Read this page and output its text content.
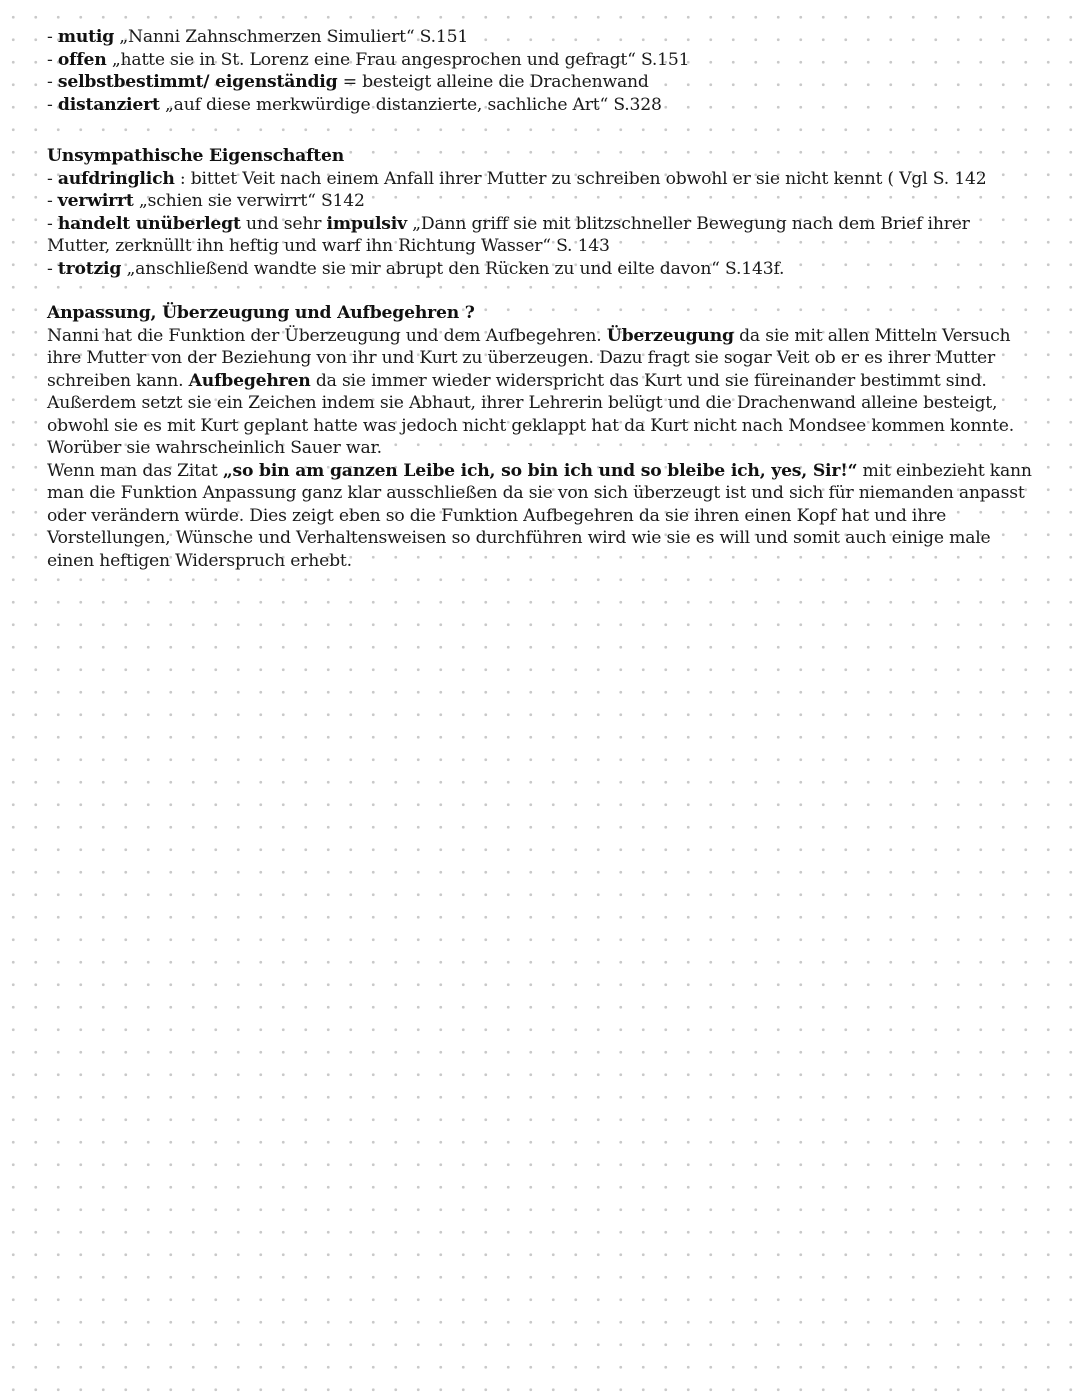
- mutig „Nanni Zahnschmerzen Simuliert“ S.151
- offen „hatte sie in St. Lorenz eine Frau angesprochen und gefragt“ S.151
- selbstbestimmt/ eigenständig = besteigt alleine die Drachenwand
- distanziert „auf diese merkwürdige distanzierte, sachliche Art“ S.328
Unsympathische Eigenschaften
- aufdringlich : bittet Veit nach einem Anfall ihrer Mutter zu schreiben obwohl er sie nicht kennt ( Vgl S. 142
- verwirrt „schien sie verwirrt“ S142
- handelt unüberlegt und sehr impulsiv „Dann griff sie mit blitzschneller Bewegung nach dem Brief ihrer Mutter, zerknüllt ihn heftig und warf ihn Richtung Wasser“ S. 143
- trotzig „anschließend wandte sie mir abrupt den Rücken zu und eilte davon“ S.143f.
Anpassung, Überzeugung und Aufbegehren ?
Nanni hat die Funktion der Überzeugung und dem Aufbegehren. Überzeugung da sie mit allen Mitteln Versuch ihre Mutter von der Beziehung von ihr und Kurt zu überzeugen. Dazu fragt sie sogar Veit ob er es ihrer Mutter schreiben kann. Aufbegehren da sie immer wieder widerspricht das Kurt und sie füreinander bestimmt sind. Außerdem setzt sie ein Zeichen indem sie Abhaut, ihrer Lehrerin belügt und die Drachenwand alleine besteigt, obwohl sie es mit Kurt geplant hatte was jedoch nicht geklappt hat da Kurt nicht nach Mondsee kommen konnte. Worüber sie wahrscheinlich Sauer war.
Wenn man das Zitat „so bin am ganzen Leibe ich, so bin ich und so bleibe ich, yes, Sir!“ mit einbezieht kann man die Funktion Anpassung ganz klar ausschließen da sie von sich überzeugt ist und sich für niemanden anpasst oder verändern würde. Dies zeigt eben so die Funktion Aufbegehren da sie ihren einen Kopf hat und ihre Vorstellungen, Wünsche und Verhaltensweisen so durchführen wird wie sie es will und somit auch einige male einen heftigen Widerspruch erhebt.
